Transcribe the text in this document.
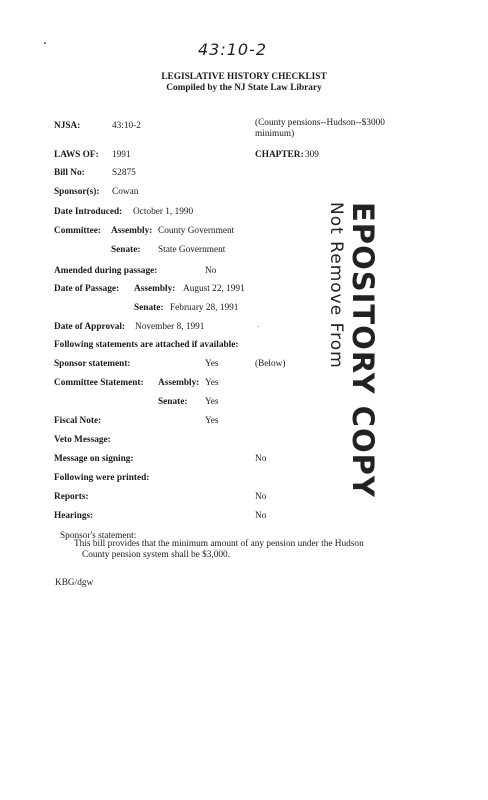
43:10-2
LEGISLATIVE HISTORY CHECKLIST
Compiled by the NJ State Law Library
NJSA:	43:10-2	(County pensions--Hudson--$3000
minimum)
LAWS OF: 1991	CHAPTER: 309
Bill No:	S2875
Sponsor(s): Cowan
Date Introduced: October 1, 1990
Committee: Assembly: County Government
Senate: State Government
Amended during passage:	No
Date of Passage: Assembly: August 22, 1991
Senate: February 28, 1991
Date of Approval: November 8, 1991
Following statements are attached if available:
Sponsor statement:	Yes	(Below)
Committee Statement: Assembly: Yes
Senate: Yes
Fiscal Note:	Yes
Veto Message:
Message on signing:	No
Following were printed:
Reports:	No
Hearings:	No
Sponsor's statement:
This bill provides that the minimum amount of any pension under the Hudson
County pension system shall be $3,000.
KBG/dgw
EPOSITORY COPY
Not Remove From
